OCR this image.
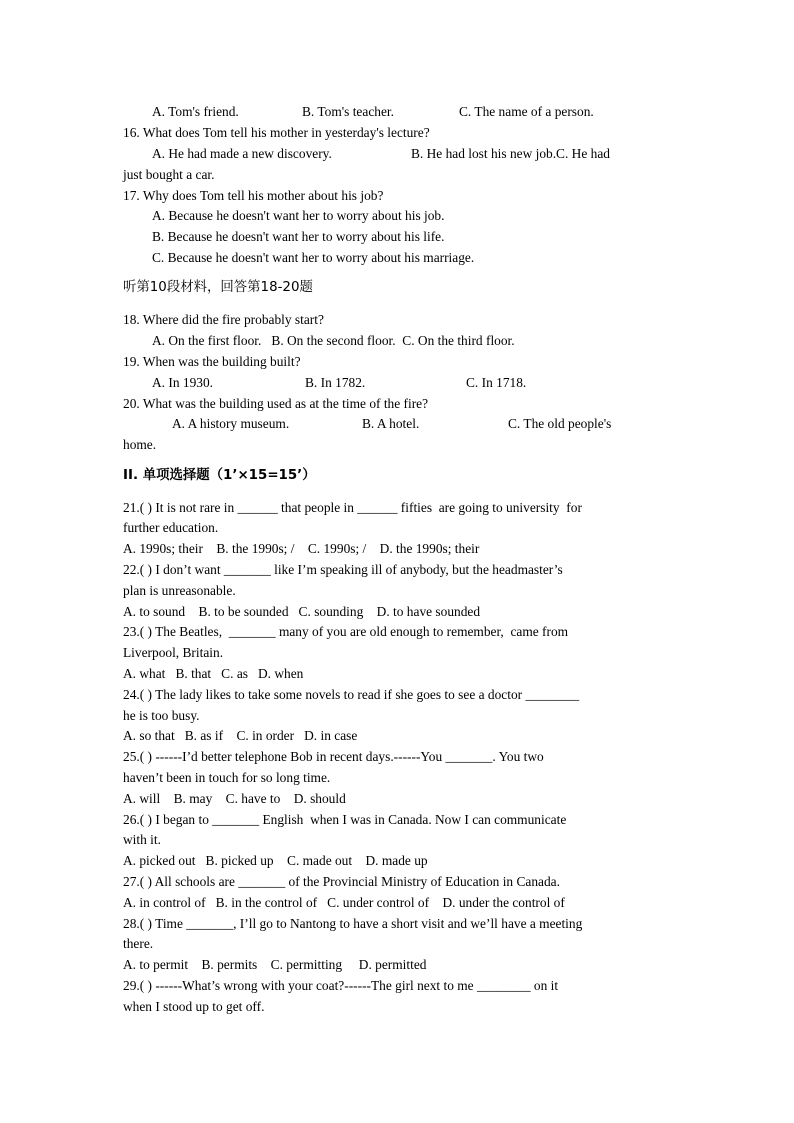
A. Tom's friend.	B. Tom's teacher.	C. The name of a person.
16. What does Tom tell his mother in yesterday's lecture?
A. He had made a new discovery.	B. He had lost his new job.C. He had
just bought a car.
17. Why does Tom tell his mother about his job?
A. Because he doesn't want her to worry about his job.
B. Because he doesn't want her to worry about his life.
C. Because he doesn't want her to worry about his marriage.
听第10段材料，回答第18-20题
18. Where did the fire probably start?
A. On the first floor.   B. On the second floor.  C. On the third floor.
19. When was the building built?
A. In 1930.	B. In 1782.	C. In 1718.
20. What was the building used as at the time of the fire?
A. A history museum.	B. A hotel.	C. The old people's
home.
II. 单项选择题（1’×15=15’）
21.( ) It is not rare in ______ that people in ______ fifties  are going to university  for
further education.
A. 1990s; their    B. the 1990s; /    C. 1990s; /    D. the 1990s; their
22.( ) I don’t want _______ like I’m speaking ill of anybody, but the headmaster’s
plan is unreasonable.
A. to sound    B. to be sounded   C. sounding    D. to have sounded
23.( ) The Beatles,  _______ many of you are old enough to remember,  came from
Liverpool, Britain.
A. what   B. that   C. as   D. when
24.( ) The lady likes to take some novels to read if she goes to see a doctor ________
he is too busy.
A. so that   B. as if    C. in order   D. in case
25.( ) ------I’d better telephone Bob in recent days.------You _______. You two
haven’t been in touch for so long time.
A. will    B. may    C. have to    D. should
26.( ) I began to _______ English  when I was in Canada. Now I can communicate
with it.
A. picked out   B. picked up    C. made out    D. made up
27.( ) All schools are _______ of the Provincial Ministry of Education in Canada.
A. in control of   B. in the control of   C. under control of    D. under the control of
28.( ) Time _______, I’ll go to Nantong to have a short visit and we’ll have a meeting
there.
A. to permit    B. permits    C. permitting     D. permitted
29.( ) ------What’s wrong with your coat?------The girl next to me ________ on it
when I stood up to get off.
